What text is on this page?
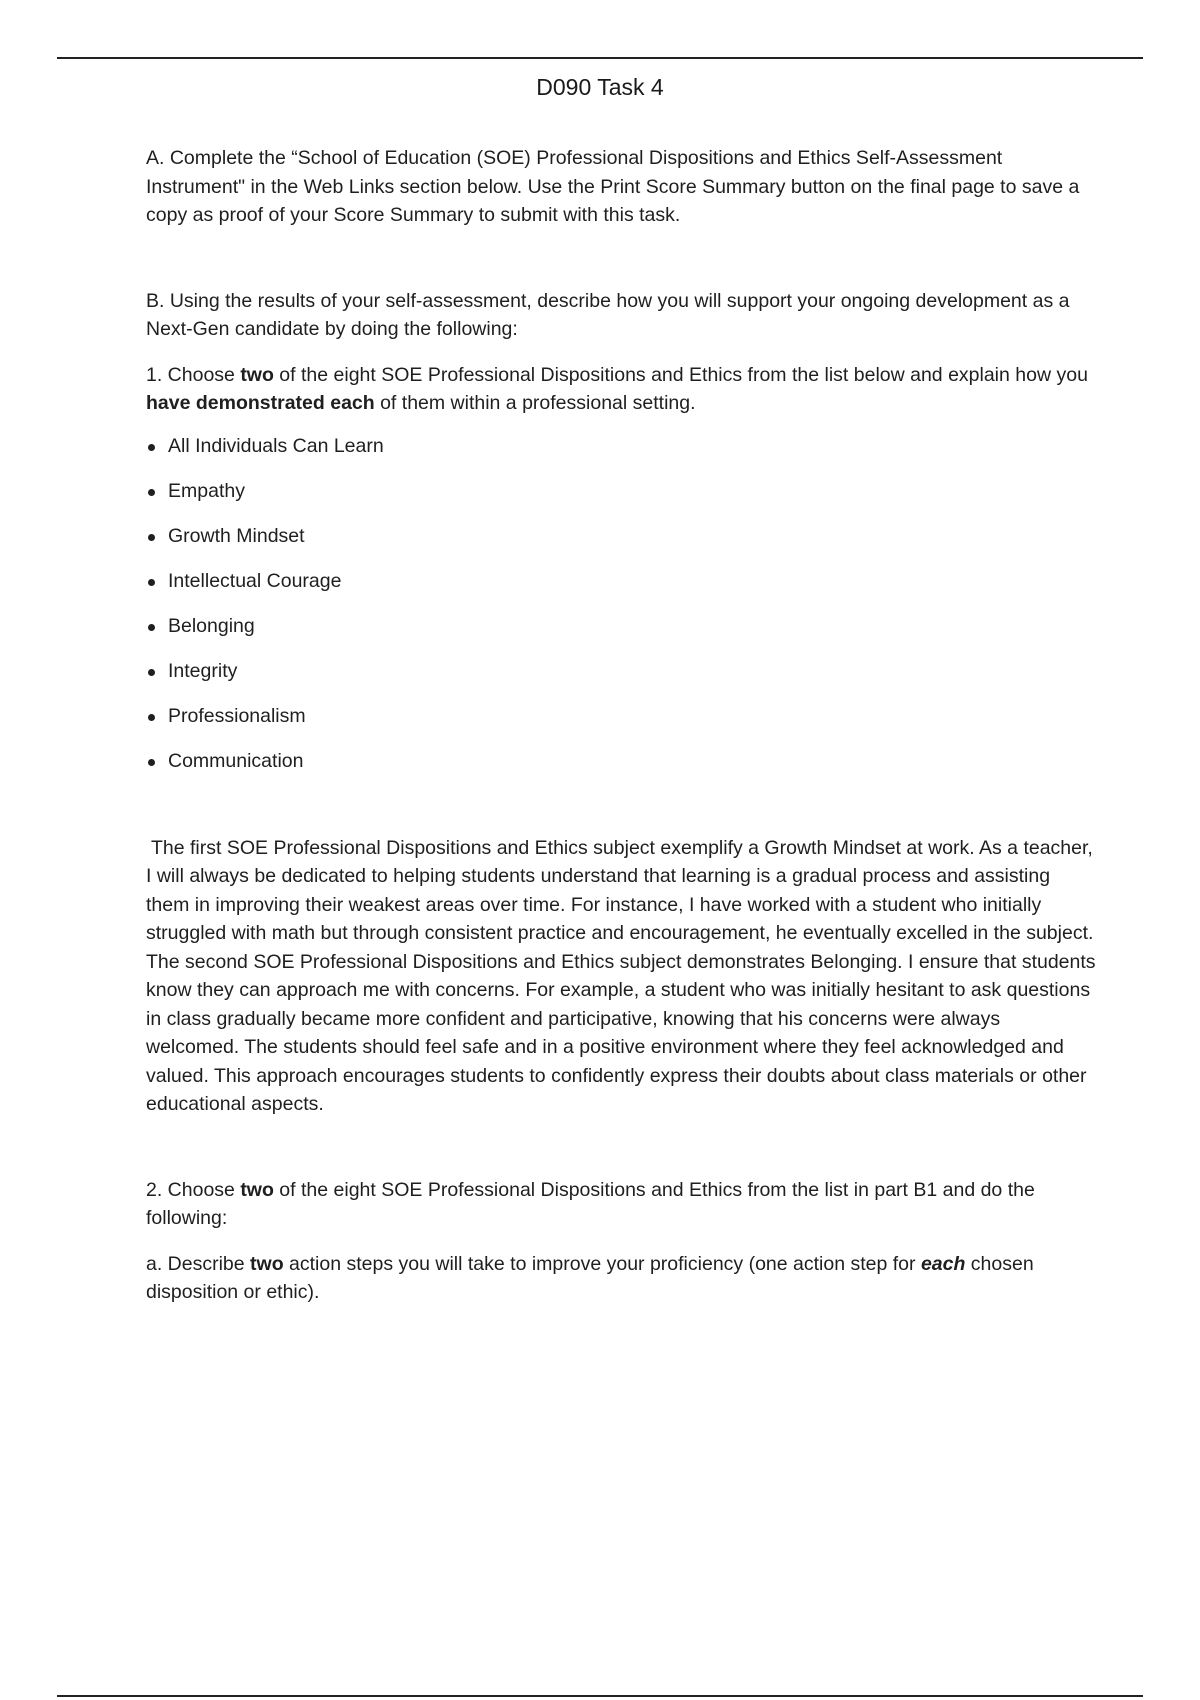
D090 Task 4

A. Complete the “School of Education (SOE) Professional Dispositions and Ethics Self-Assessment Instrument" in the Web Links section below. Use the Print Score Summary button on the final page to save a copy as proof of your Score Summary to submit with this task.

B. Using the results of your self-assessment, describe how you will support your ongoing development as a Next-Gen candidate by doing the following:

1. Choose two of the eight SOE Professional Dispositions and Ethics from the list below and explain how you have demonstrated each of them within a professional setting.

All Individuals Can Learn
Empathy
Growth Mindset
Intellectual Courage
Belonging
Integrity
Professionalism
Communication

The first SOE Professional Dispositions and Ethics subject exemplify a Growth Mindset at work. As a teacher, I will always be dedicated to helping students understand that learning is a gradual process and assisting them in improving their weakest areas over time. For instance, I have worked with a student who initially struggled with math but through consistent practice and encouragement, he eventually excelled in the subject. The second SOE Professional Dispositions and Ethics subject demonstrates Belonging. I ensure that students know they can approach me with concerns. For example, a student who was initially hesitant to ask questions in class gradually became more confident and participative, knowing that his concerns were always welcomed. The students should feel safe and in a positive environment where they feel acknowledged and valued. This approach encourages students to confidently express their doubts about class materials or other educational aspects.

2. Choose two of the eight SOE Professional Dispositions and Ethics from the list in part B1 and do the following:

a. Describe two action steps you will take to improve your proficiency (one action step for each chosen disposition or ethic).
